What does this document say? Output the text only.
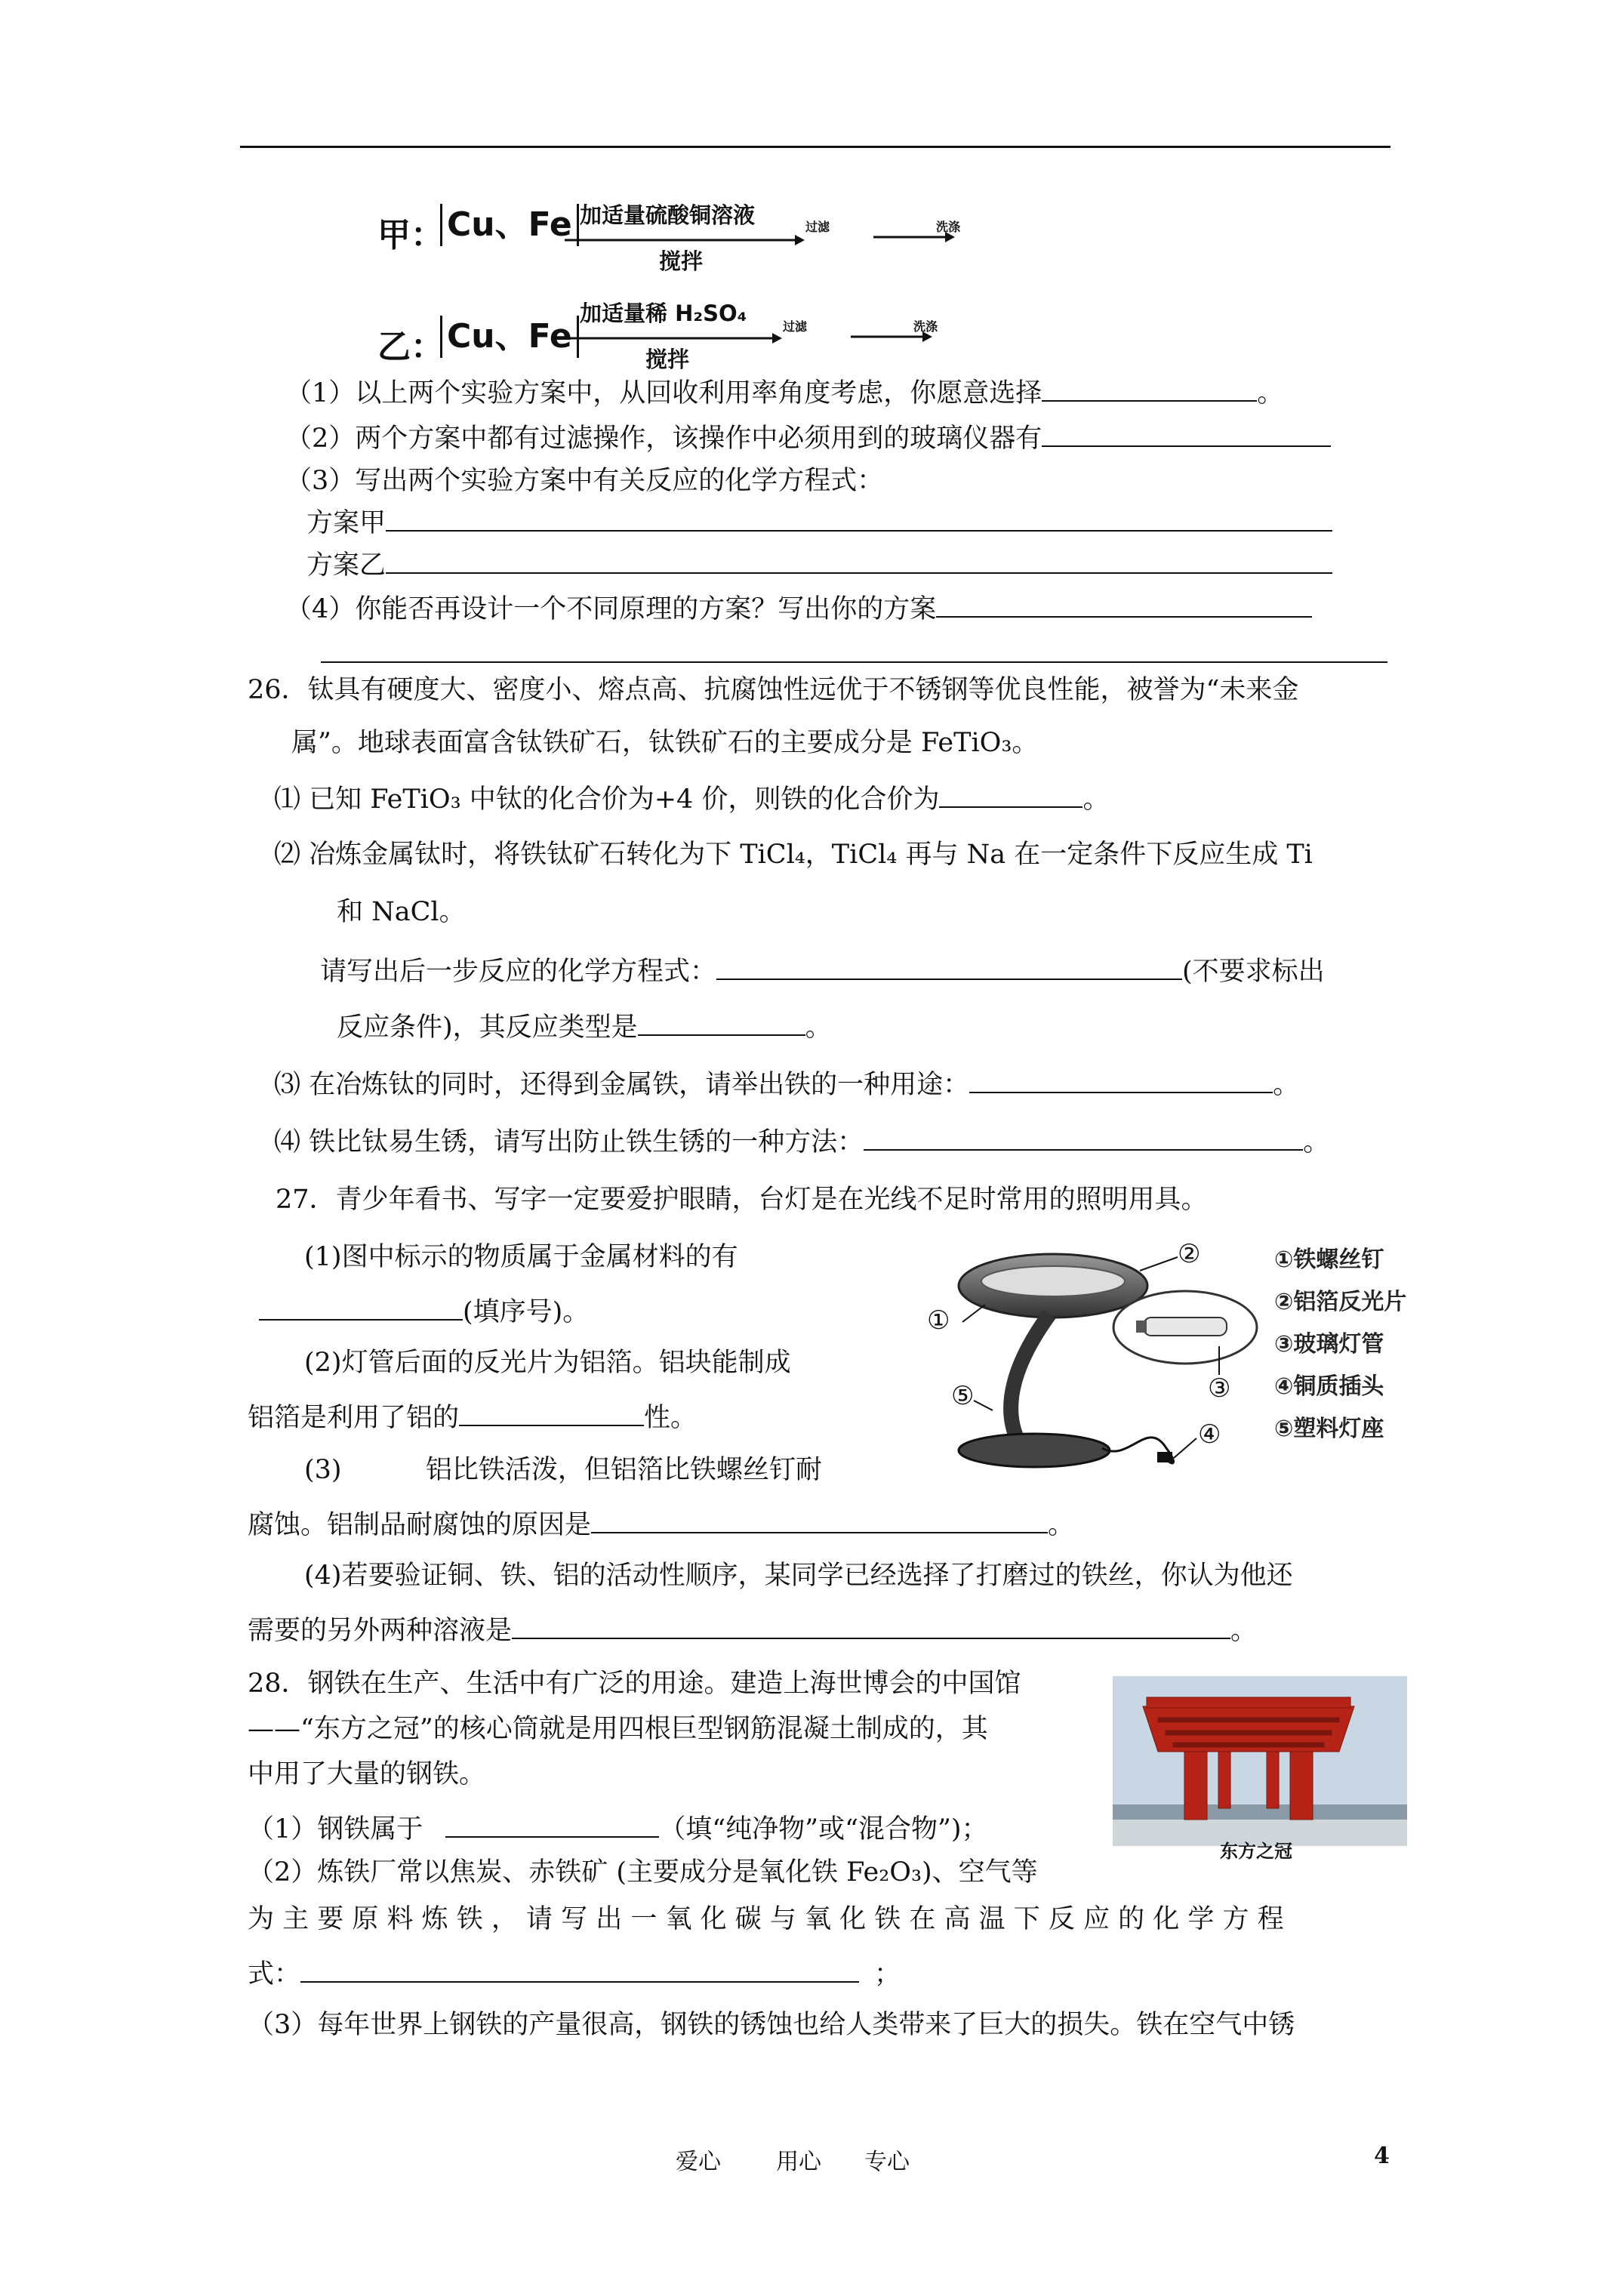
甲： Cu、Fe 加适量硫酸铜溶液
搅拌
过滤	洗涤
乙： Cu、Fe
加适量稀 H₂SO₄
搅拌
过滤	洗涤
（1）以上两个实验方案中，从回收利用率角度考虑，你愿意选择	。
（2）两个方案中都有过滤操作，该操作中必须用到的玻璃仪器有
（3）写出两个实验方案中有关反应的化学方程式：
方案甲
方案乙
（4）你能否再设计一个不同原理的方案？写出你的方案
26．钛具有硬度大、密度小、熔点高、抗腐蚀性远优于不锈钢等优良性能，被誉为“未来金
属”。地球表面富含钛铁矿石，钛铁矿石的主要成分是 FeTiO₃。
⑴ 已知 FeTiO₃ 中钛的化合价为+4 价，则铁的化合价为	。
⑵ 冶炼金属钛时，将铁钛矿石转化为下 TiCl₄，TiCl₄ 再与 Na 在一定条件下反应生成 Ti
和 NaCl。
请写出后一步反应的化学方程式：	(不要求标出
反应条件)，其反应类型是	。
⑶ 在冶炼钛的同时，还得到金属铁，请举出铁的一种用途：	。
⑷ 铁比钛易生锈，请写出防止铁生锈的一种方法：	。
27．青少年看书、写字一定要爱护眼睛，台灯是在光线不足时常用的照明用具。
(1)图中标示的物质属于金属材料的有
(填序号)。
(2)灯管后面的反光片为铝箔。铝块能制成
铝箔是利用了铝的	性。
(3)          铝比铁活泼，但铝箔比铁螺丝钉耐
腐蚀。铝制品耐腐蚀的原因是	。
(4)若要验证铜、铁、铝的活动性顺序，某同学已经选择了打磨过的铁丝，你认为他还
需要的另外两种溶液是	。
①
②
③
④
⑤
①铁螺丝钉
②铝箔反光片
③玻璃灯管
④铜质插头
⑤塑料灯座
28．钢铁在生产、生活中有广泛的用途。建造上海世博会的中国馆
——“东方之冠”的核心筒就是用四根巨型钢筋混凝土制成的，其
中用了大量的钢铁。
（1）钢铁属于	（填“纯净物”或“混合物”)；
（2）炼铁厂常以焦炭、赤铁矿 (主要成分是氧化铁 Fe₂O₃)、空气等
为 主 要 原 料 炼 铁 ， 请 写 出 一 氧 化 碳 与 氧 化 铁 在 高 温 下 反 应 的 化 学 方 程
式：	；
（3）每年世界上钢铁的产量很高，钢铁的锈蚀也给人类带来了巨大的损失。铁在空气中锈
东方之冠
爱心 用心 专心	4
